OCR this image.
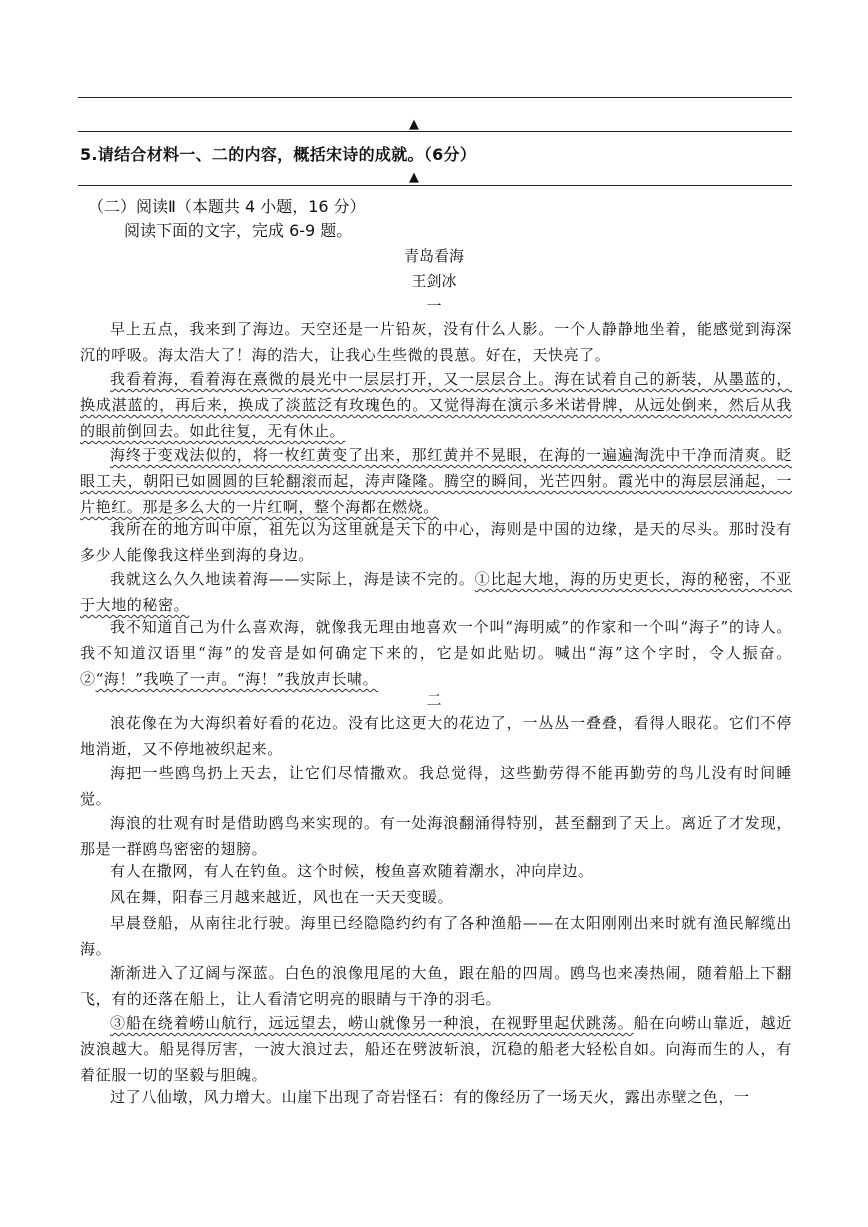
▲
5.请结合材料一、二的内容，概括宋诗的成就。（6分）
▲
（二）阅读Ⅱ（本题共 4 小题，16 分）
阅读下面的文字，完成 6-9 题。
青岛看海
王剑冰
一
早上五点，我来到了海边。天空还是一片铅灰，没有什么人影。一个人静静地坐着，能感觉到海深沉的呼吸。海太浩大了！海的浩大，让我心生些微的畏葸。好在，天快亮了。
我看着海，看着海在熹微的晨光中一层层打开，又一层层合上。海在试着自己的新装，从墨蓝的，换成湛蓝的，再后来，换成了淡蓝泛有玫瑰色的。又觉得海在演示多米诺骨牌，从远处倒来，然后从我的眼前倒回去。如此往复，无有休止。
海终于变戏法似的，将一枚红黄变了出来，那红黄并不晃眼，在海的一遍遍淘洗中干净而清爽。眨眼工夫，朝阳已如圆圆的巨轮翻滚而起，涛声隆隆。腾空的瞬间，光芒四射。霞光中的海层层涌起，一片艳红。那是多么大的一片红啊，整个海都在燃烧。
我所在的地方叫中原，祖先以为这里就是天下的中心，海则是中国的边缘，是天的尽头。那时没有多少人能像我这样坐到海的身边。
我就这么久久地读着海——实际上，海是读不完的。①比起大地，海的历史更长，海的秘密，不亚于大地的秘密。
我不知道自己为什么喜欢海，就像我无理由地喜欢一个叫“海明威”的作家和一个叫“海子”的诗人。我不知道汉语里“海”的发音是如何确定下来的，它是如此贴切。喊出“海”这个字时，令人振奋。②“海！”我唤了一声。“海！”我放声长啸。
二
浪花像在为大海织着好看的花边。没有比这更大的花边了，一丛丛一叠叠，看得人眼花。它们不停地消逝，又不停地被织起来。
海把一些鸥鸟扔上天去，让它们尽情撒欢。我总觉得，这些勤劳得不能再勤劳的鸟儿没有时间睡觉。
海浪的壮观有时是借助鸥鸟来实现的。有一处海浪翻涌得特别，甚至翻到了天上。离近了才发现，那是一群鸥鸟密密的翅膀。
有人在撒网，有人在钓鱼。这个时候，梭鱼喜欢随着潮水，冲向岸边。
风在舞，阳春三月越来越近，风也在一天天变暖。
早晨登船，从南往北行驶。海里已经隐隐约约有了各种渔船——在太阳刚刚出来时就有渔民解缆出海。
渐渐进入了辽阔与深蓝。白色的浪像甩尾的大鱼，跟在船的四周。鸥鸟也来凑热闹，随着船上下翻飞，有的还落在船上，让人看清它明亮的眼睛与干净的羽毛。
③船在绕着崂山航行，远远望去，崂山就像另一种浪，在视野里起伏跳荡。船在向崂山靠近，越近波浪越大。船晃得厉害，一波大浪过去，船还在劈波斩浪，沉稳的船老大轻松自如。向海而生的人，有着征服一切的坚毅与胆魄。
过了八仙墩，风力增大。山崖下出现了奇岩怪石：有的像经历了一场天火，露出赤壁之色，一
